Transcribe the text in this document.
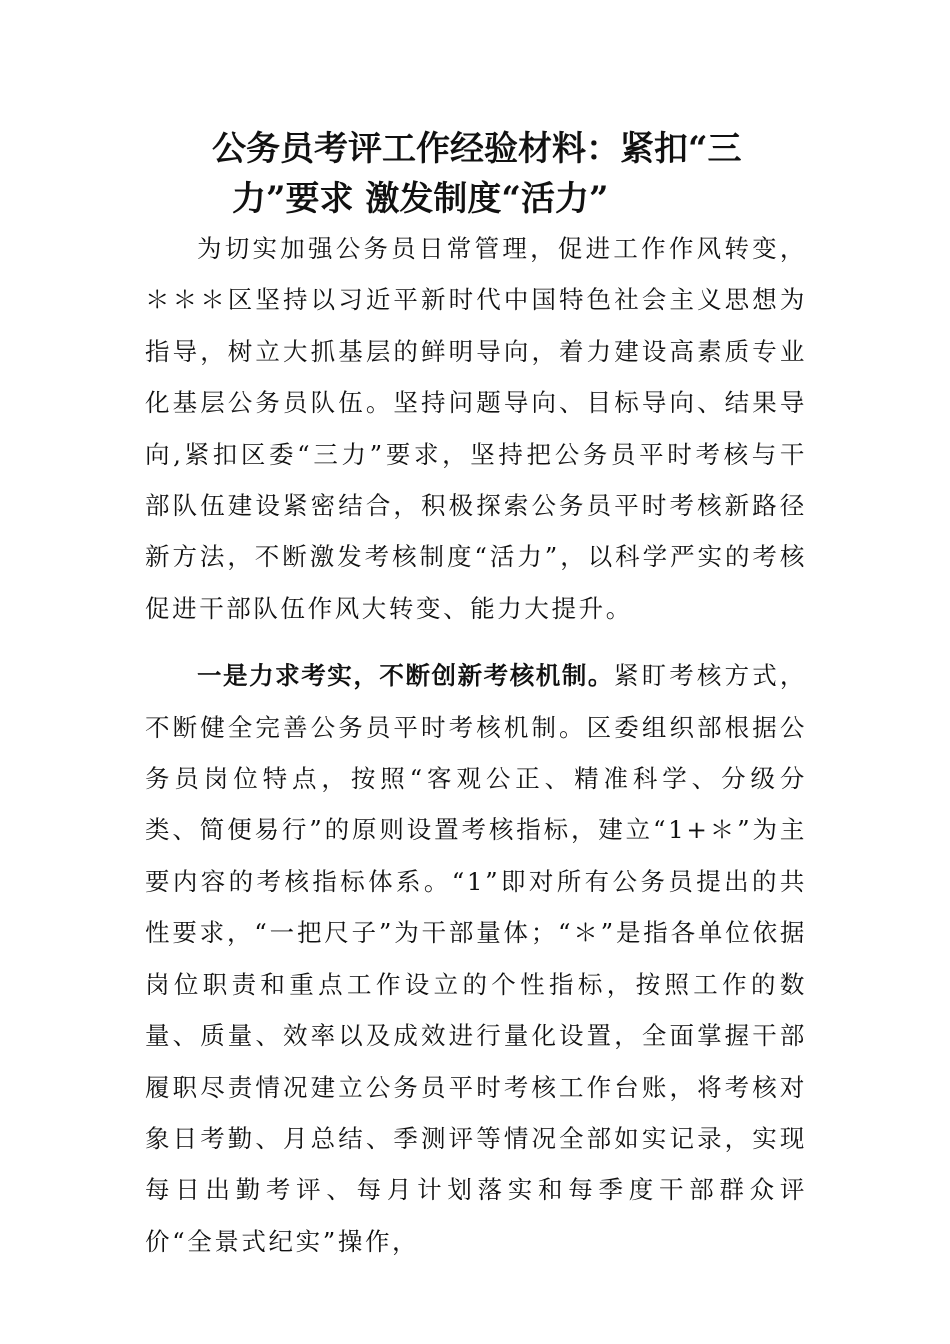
公务员考评工作经验材料：紧扣“三
力”要求 激发制度“活力”

为切实加强公务员日常管理，促进工作作风转变， ＊＊＊区坚持以习近平新时代中国特色社会主义思想为指导，树立大抓基层的鲜明导向，着力建设高素质专业化基层公务员队伍。坚持问题导向、目标导向、结果导向,紧扣区委“三力”要求，坚持把公务员平时考核与干部队伍建设紧密结合，积极探索公务员平时考核新路径新方法，不断激发考核制度“活力”，以科学严实的考核促进干部队伍作风大转变、能力大提升。

一是力求考实，不断创新考核机制。紧盯考核方式，不断健全完善公务员平时考核机制。区委组织部根据公务员岗位特点，按照“客观公正、精准科学、分级分类、简便易行”的原则设置考核指标，建立“1+＊”为主要内容的考核指标体系。“1”即对所有公务员提出的共性要求，“一把尺子”为干部量体；“＊”是指各单位依据岗位职责和重点工作设立的个性指标，按照工作的数量、质量、效率以及成效进行量化设置，全面掌握干部履职尽责情况建立公务员平时考核工作台账，将考核对象日考勤、月总结、季测评等情况全部如实记录，实现每日出勤考评、每月计划落实和每季度干部群众评价“全景式纪实”操作，
